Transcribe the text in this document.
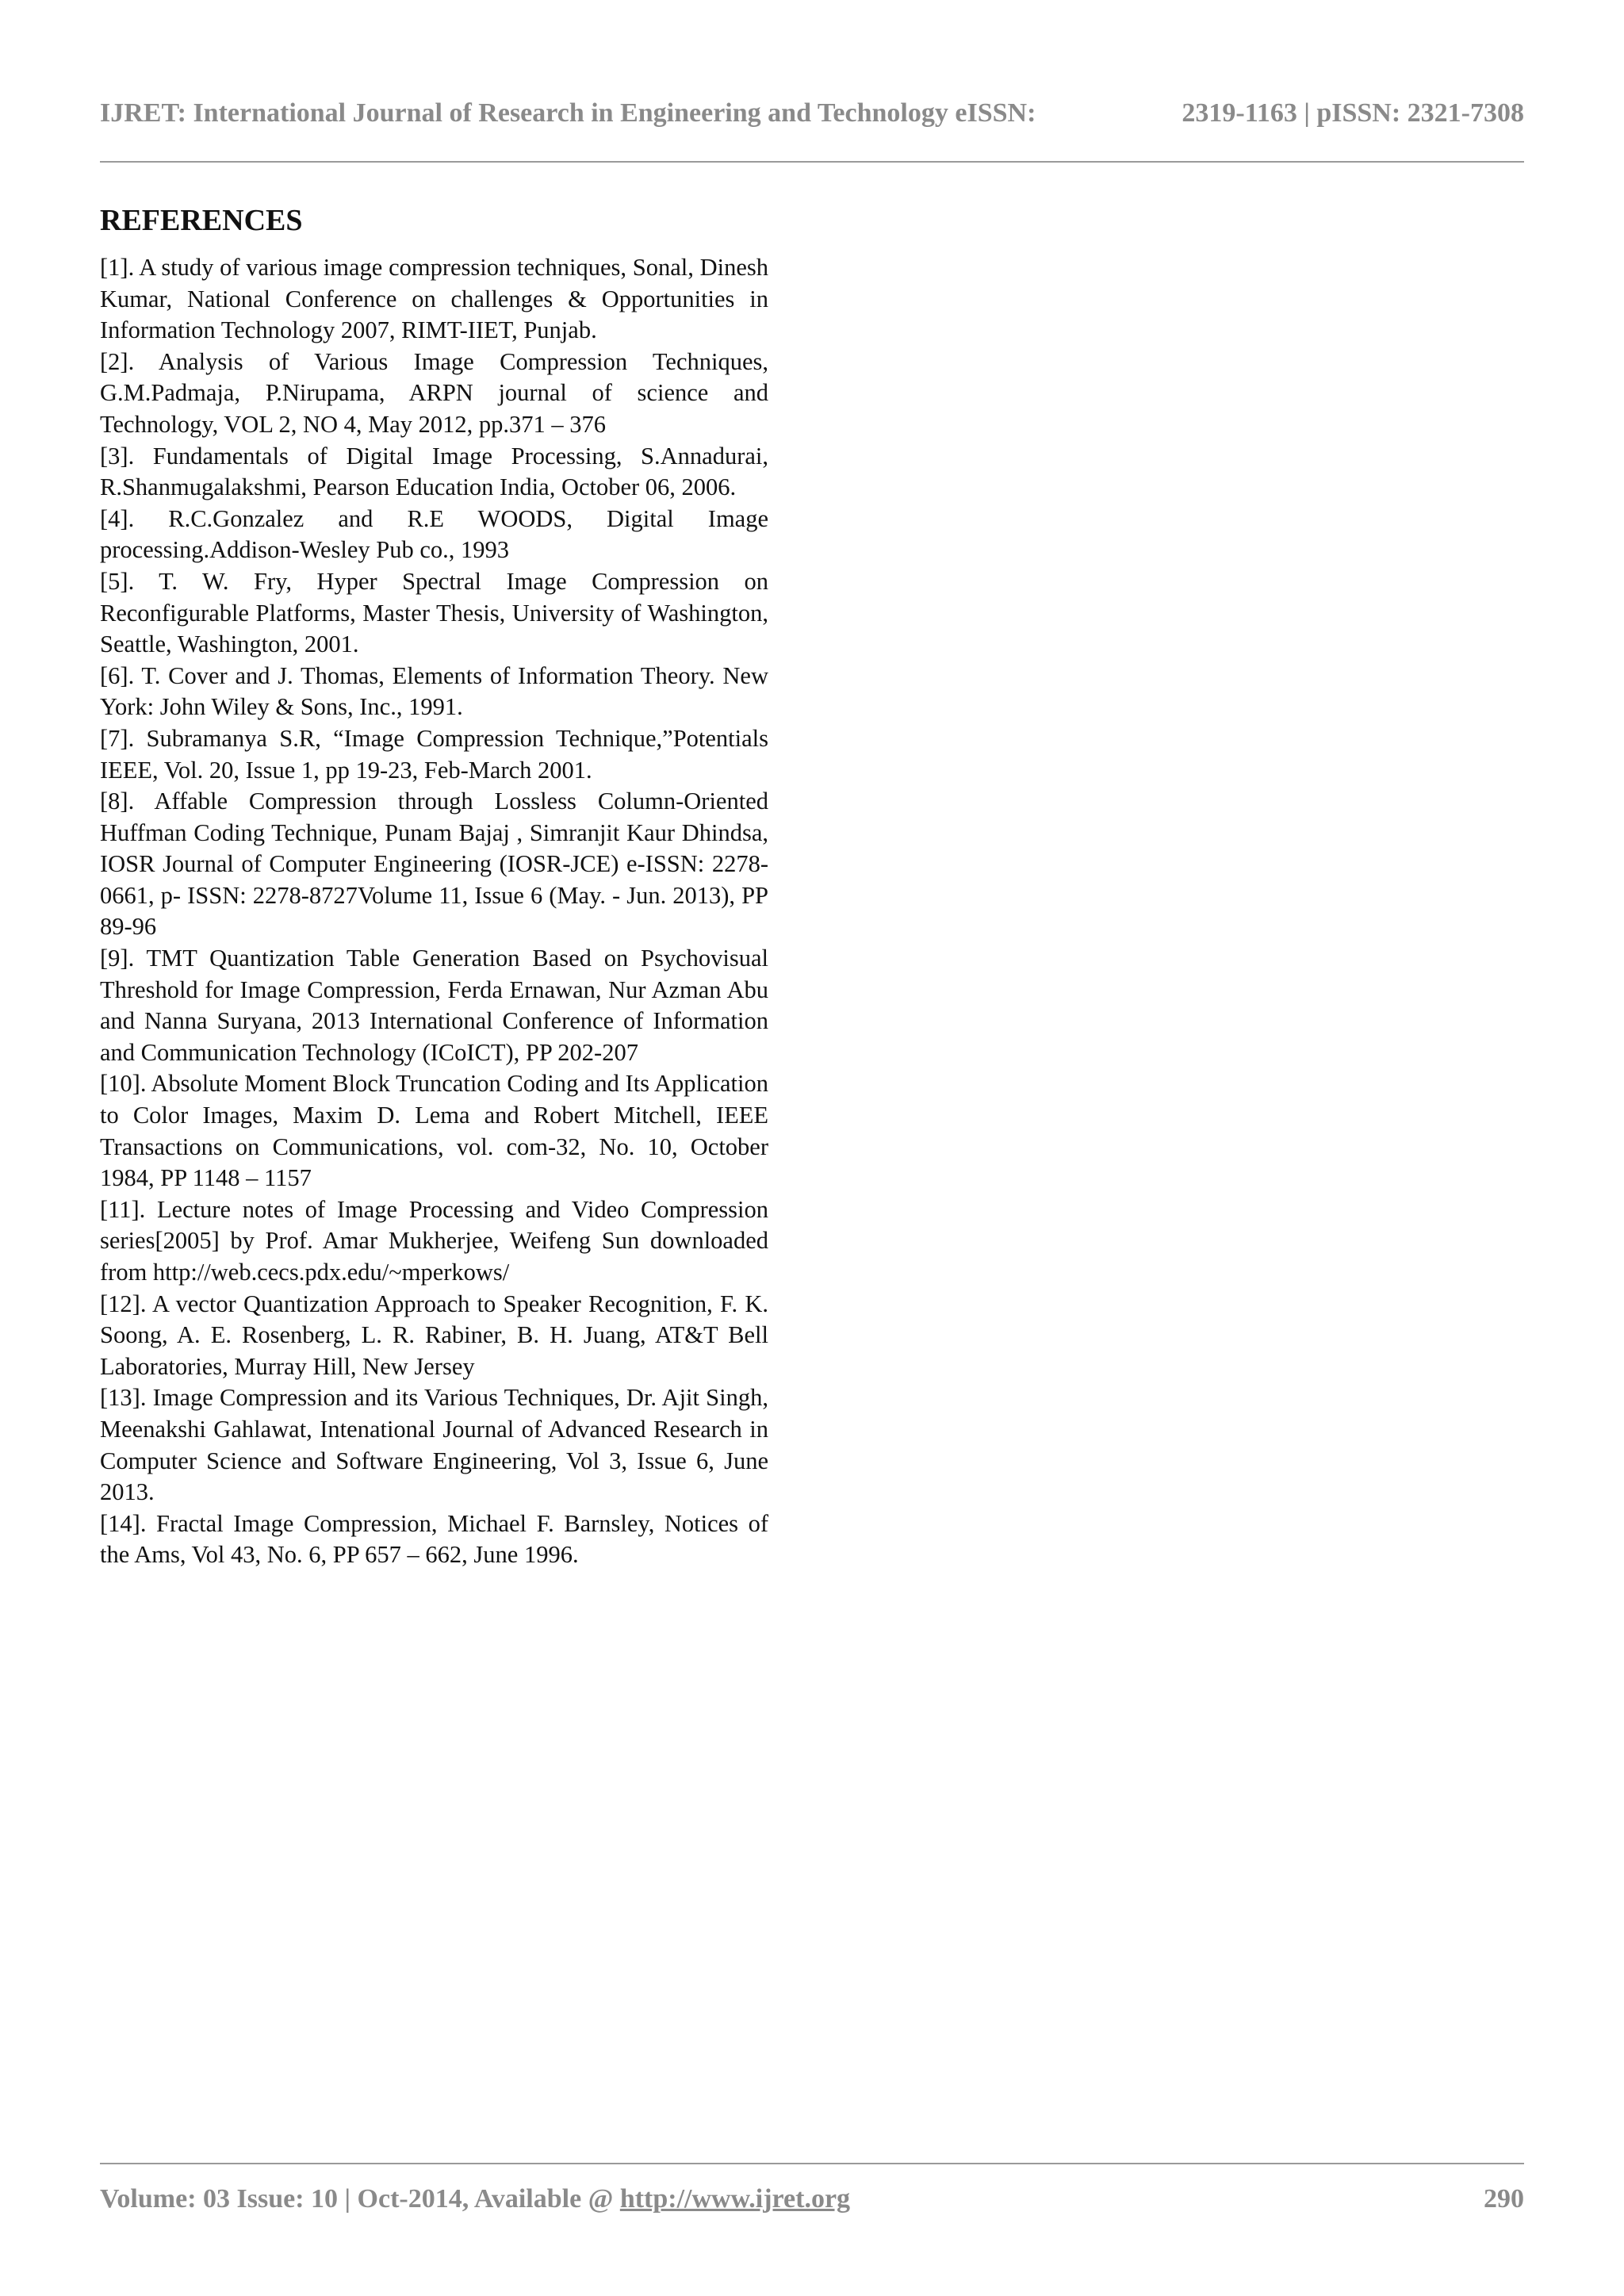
IJRET: International Journal of Research in Engineering and Technology eISSN:	2319-1163 | pISSN: 2321-7308
REFERENCES

[1]. A study of various image compression techniques, Sonal, Dinesh Kumar, National Conference on challenges & Opportunities in Information Technology 2007, RIMT-IIET, Punjab.

[2]. Analysis of Various Image Compression Techniques, G.M.Padmaja, P.Nirupama, ARPN journal of science and Technology, VOL 2, NO 4, May 2012, pp.371 – 376

[3]. Fundamentals of Digital Image Processing, S.Annadurai, R.Shanmugalakshmi, Pearson Education India, October 06, 2006.

[4]. R.C.Gonzalez and R.E WOODS, Digital Image processing.Addison-Wesley Pub co., 1993

[5]. T. W. Fry, Hyper Spectral Image Compression on Reconfigurable Platforms, Master Thesis, University of Washington, Seattle, Washington, 2001.

[6]. T. Cover and J. Thomas, Elements of Information Theory. New York: John Wiley & Sons, Inc., 1991.

[7]. Subramanya S.R, “Image Compression Technique,”Potentials IEEE, Vol. 20, Issue 1, pp 19-23, Feb-March 2001.

[8]. Affable Compression through Lossless Column-Oriented Huffman Coding Technique, Punam Bajaj , Simranjit Kaur Dhindsa, IOSR Journal of Computer Engineering (IOSR-JCE) e-ISSN: 2278-0661, p- ISSN: 2278-8727Volume 11, Issue 6 (May. - Jun. 2013), PP 89-96

[9]. TMT Quantization Table Generation Based on Psychovisual Threshold for Image Compression, Ferda Ernawan, Nur Azman Abu and Nanna Suryana, 2013 International Conference of Information and Communication Technology (ICoICT), PP 202-207

[10]. Absolute Moment Block Truncation Coding and Its Application to Color Images, Maxim D. Lema and Robert Mitchell, IEEE Transactions on Communications, vol. com-32, No. 10, October 1984, PP 1148 – 1157

[11]. Lecture notes of Image Processing and Video Compression series[2005] by Prof. Amar Mukherjee, Weifeng Sun downloaded from http://web.cecs.pdx.edu/~mperkows/

[12]. A vector Quantization Approach to Speaker Recognition, F. K. Soong, A. E. Rosenberg, L. R. Rabiner, B. H. Juang, AT&T Bell Laboratories, Murray Hill, New Jersey

[13]. Image Compression and its Various Techniques, Dr. Ajit Singh, Meenakshi Gahlawat, Intenational Journal of Advanced Research in Computer Science and Software Engineering, Vol 3, Issue 6, June 2013.

[14]. Fractal Image Compression, Michael F. Barnsley, Notices of the Ams, Vol 43, No. 6, PP 657 – 662, June 1996.

Volume: 03 Issue: 10 | Oct-2014, Available @ http://www.ijret.org	290
